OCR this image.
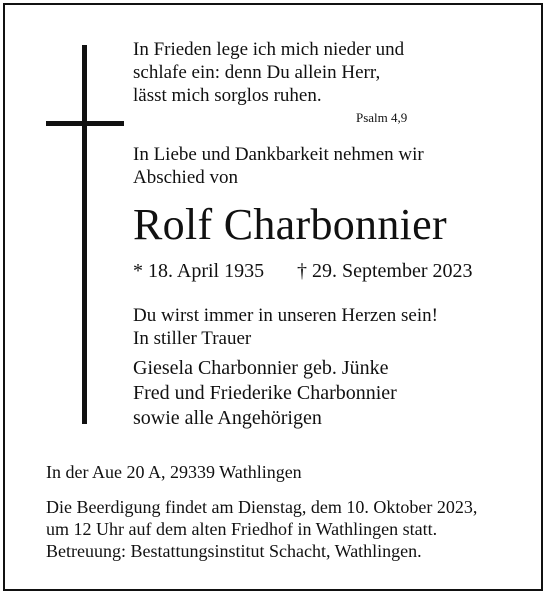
In Frieden lege ich mich nieder und
schlafe ein: denn Du allein Herr,
lässt mich sorglos ruhen.
Psalm 4,9
In Liebe und Dankbarkeit nehmen wir
Abschied von
Rolf Charbonnier
* 18. April 1935 † 29. September 2023
Du wirst immer in unseren Herzen sein!
In stiller Trauer
Giesela Charbonnier geb. Jünke
Fred und Friederike Charbonnier
sowie alle Angehörigen
In der Aue 20 A, 29339 Wathlingen
Die Beerdigung findet am Dienstag, dem 10. Oktober 2023,
um 12 Uhr auf dem alten Friedhof in Wathlingen statt.
Betreuung: Bestattungsinstitut Schacht, Wathlingen.
